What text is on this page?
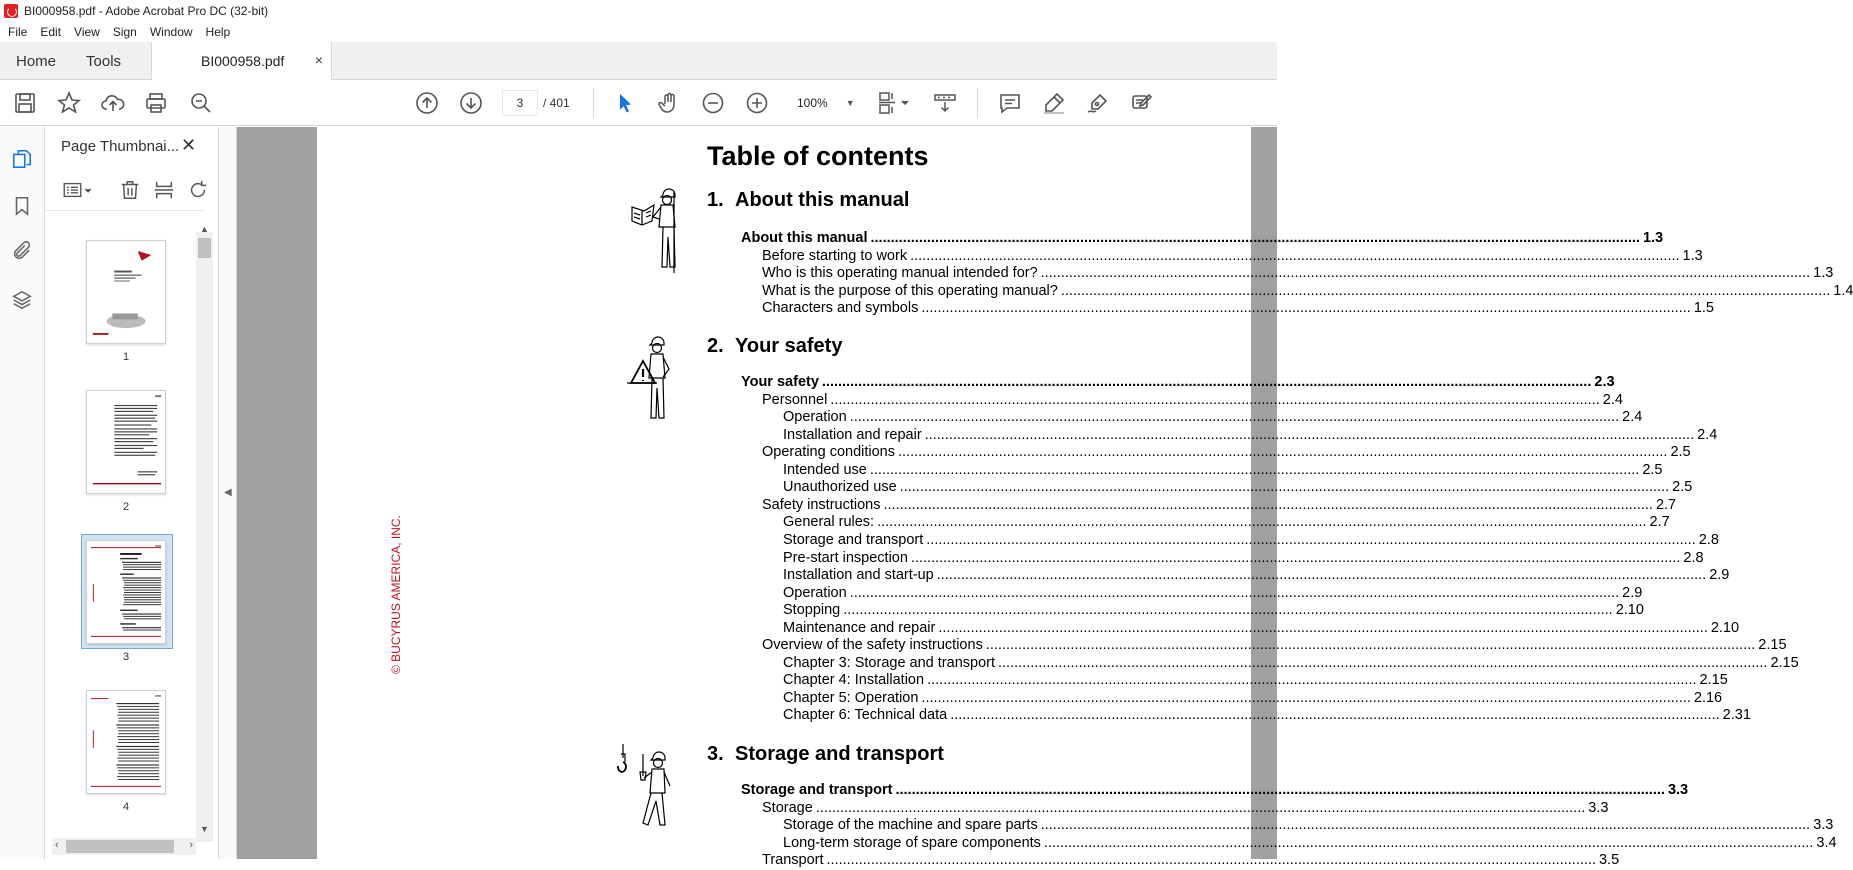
BI000958.pdf - Adobe Acrobat Pro DC (32-bit)
File	Edit	View	Sign	Window	Help
Home Tools	BI000958.pdf ×
3	/ 401	100% ▼
Page Thumbnai... ✕
1
2
3
4
▲
▼
‹	›
◀
Table of contents
© BUCYRUS AMERICA, INC.
1. About this manual
About this manual .....	1.3
Before starting to work .....	1.3
Who is this operating manual intended for? .....	1.3
What is the purpose of this operating manual? .....	1.4
Characters and symbols .....	1.5
2. Your safety
Your safety .....	2.3
Personnel .....	2.4
Operation .....	2.4
Installation and repair .....	2.4
Operating conditions .....	2.5
Intended use .....	2.5
Unauthorized use .....	2.5
Safety instructions .....	2.7
General rules: .....	2.7
Storage and transport .....	2.8
Pre-start inspection .....	2.8
Installation and start-up .....	2.9
Operation .....	2.9
Stopping .....	2.10
Maintenance and repair .....	2.10
Overview of the safety instructions .....	2.15
Chapter 3: Storage and transport .....	2.15
Chapter 4: Installation .....	2.15
Chapter 5: Operation .....	2.16
Chapter 6: Technical data .....	2.31
3. Storage and transport
Storage and transport .....	3.3
Storage .....	3.3
Storage of the machine and spare parts .....	3.3
Long-term storage of spare components .....	3.4
Transport .....	3.5
